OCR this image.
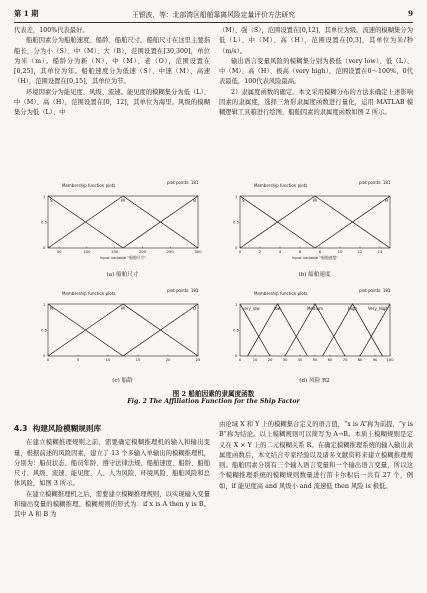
第 1 期	王银波，等：北部湾区船舶靠离风险定量评价方法研究	9

代表差，100%代表最好。

船舶因素分为船舶速度、船龄、船舶尺寸。船舶尺寸在这里主要指船长，分为小（S）、中（M）、大（B），范围设置在[30,300]，单位为米（m）。船龄分为新（N）、中（M）、老（O），范围设置在[0,25]，其单位为年。船舶速度分为低速（S）、中速（M）、高速（H），范围设置在[0,15]，其单位为节。

环境因素分为能见度、风级、流速。能见度的模糊集分为低（L）、中（M）、高（H），范围设置在[0，12]，其单位为海里。风级的模糊集分为低（L）、中

（M）、强（S），范围设置在[0,12]，其单位为级。流速的模糊集分为低（L）、中（M）、高（H），范围设置在[0,3]，其单位为米/秒（m/s）。

输出语言变量风险的模糊集分别为极低（very low）、低（L）、中（M）、高（H）、极高（very high），范围设置在0～100%，0代表最低，100代表风险最高。

2）隶属度函数的确定。本文采用模糊分布的方法来确定上述影响因素的隶属度，选择三角形隶属度函数进行量化，运用 MATLAB 模糊逻辑工具箱进行绘图，船舶因素的隶属度函数如图 2 所示。

Membership function plots
plot points: 181
1
0.5
0
50	100	150	200	250	300
S	M	B
input variable "船舶尺寸"
(a) 船舶尺寸
Membership function plots
plot points: 181
1
0.5
0
0	2	4	6	8	10	12	14
S	M	H
input variable "船舶速度"
(b) 船舶速度
Membership function plots
plot points: 181
1
0.5
0
0	5	10	15	20	25
N	M	O
(c) 船龄
Membership function plots
plot points: 181
1
0.5
0
0	10	20	30	40	50	60	70	80	90 100
very_low	low	Medium	High	Very_High
(d) 风险 R2
图 2 船舶因素的隶属度函数
Fig. 2 The Affiliation Function for the Ship Factor

4.3 构建风险模糊规则库

在建立模糊推理规则之前，需要确定模糊推理机的输入和输出变量，根据前述的风险因素，建立了 13 个多输入单输出的模糊推理机，分别为：船员状态、船员年龄、遵守法律法规、船舶速度、船龄、船舶尺寸、风级、流速、能见度、人、人为风险、环境风险、船舶风险和总体风险，如图 3 所示。

在建立模糊推理机之后，需要建立模糊推理规则，以实现输入变量和输出变量的模糊推理。模糊规则的形式为：if x is A then y is B。其中 A 和 B 为

由论域 X 和 Y 上的模糊集合定义的语言值，“x is A”称为前提，“y is B”称为结论。以上模糊规则可以简写为 A→B。本质上模糊规则是定义在 X × Y 上的二元模糊关系 R。在确定模糊推理系统的输入输出隶属度函数后，本文结合专家经验以及诸多文献资料来建立模糊推理规则。船舶因素分别有三个输入语言变量和一个输出语言变量，所以这个模糊推理系统的模糊规则数量进行笛卡尔积后一共有 27 个，例如，if 能见度高 and 风级小 and 流速低 then 风险 is 极低。
